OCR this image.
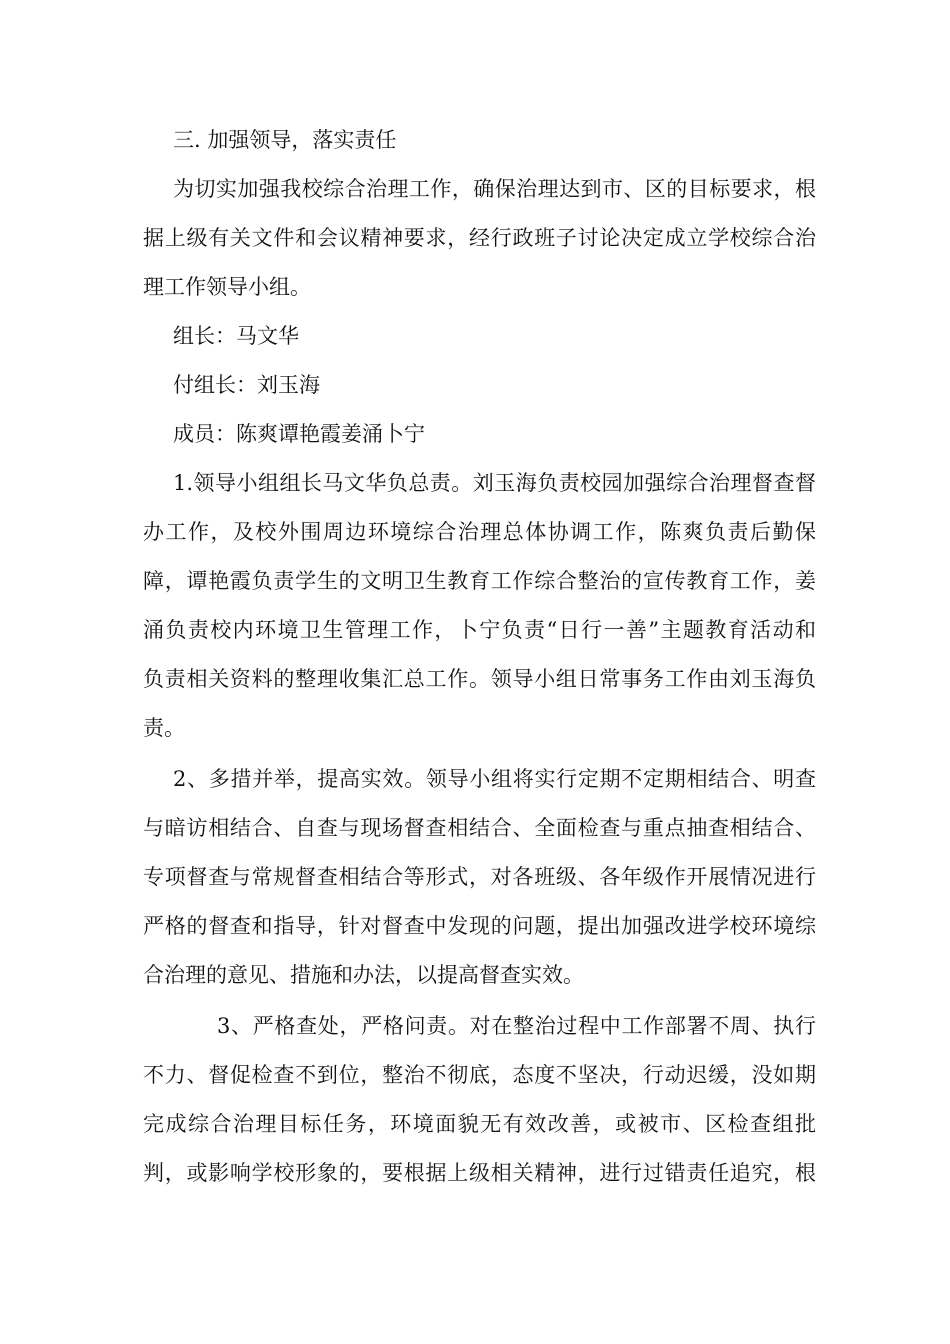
三. 加强领导，落实责任
为切实加强我校综合治理工作，确保治理达到市、区的目标要求，根
据上级有关文件和会议精神要求，经行政班子讨论决定成立学校综合治
理工作领导小组。
组长：马文华
付组长：刘玉海
成员：陈爽谭艳霞姜涌卜宁
1.领导小组组长马文华负总责。刘玉海负责校园加强综合治理督查督
办工作，及校外围周边环境综合治理总体协调工作，陈爽负责后勤保
障，谭艳霞负责学生的文明卫生教育工作综合整治的宣传教育工作，姜
涌负责校内环境卫生管理工作，卜宁负责“日行一善”主题教育活动和
负责相关资料的整理收集汇总工作。领导小组日常事务工作由刘玉海负
责。
2、多措并举，提高实效。领导小组将实行定期不定期相结合、明查
与暗访相结合、自查与现场督查相结合、全面检查与重点抽查相结合、
专项督查与常规督查相结合等形式，对各班级、各年级作开展情况进行
严格的督查和指导，针对督查中发现的问题，提出加强改进学校环境综
合治理的意见、措施和办法，以提高督查实效。
3、严格查处，严格问责。对在整治过程中工作部署不周、执行
不力、督促检查不到位，整治不彻底，态度不坚决，行动迟缓，没如期
完成综合治理目标任务，环境面貌无有效改善，或被市、区检查组批
判，或影响学校形象的，要根据上级相关精神，进行过错责任追究，根
